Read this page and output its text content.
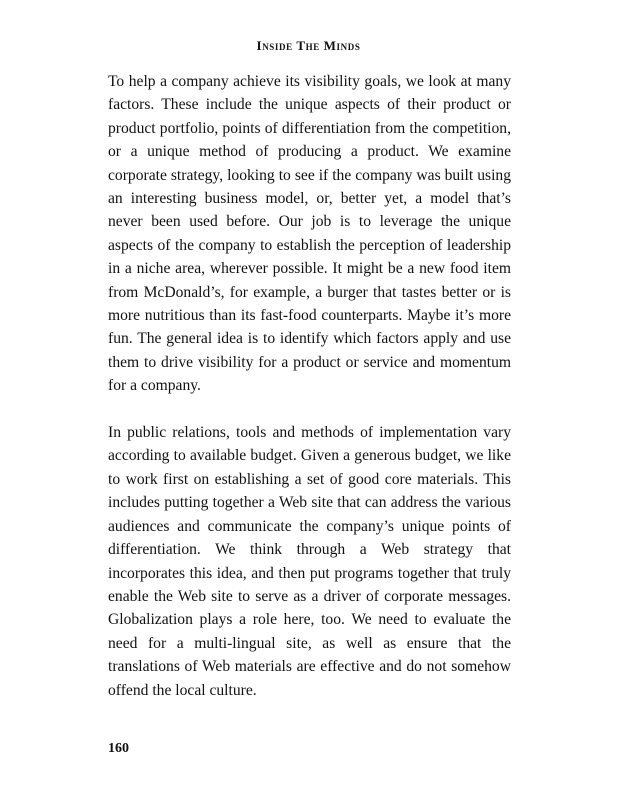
Inside The Minds

To help a company achieve its visibility goals, we look at many factors. These include the unique aspects of their product or product portfolio, points of differentiation from the competition, or a unique method of producing a product. We examine corporate strategy, looking to see if the company was built using an interesting business model, or, better yet, a model that’s never been used before. Our job is to leverage the unique aspects of the company to establish the perception of leadership in a niche area, wherever possible. It might be a new food item from McDonald’s, for example, a burger that tastes better or is more nutritious than its fast-food counterparts. Maybe it’s more fun. The general idea is to identify which factors apply and use them to drive visibility for a product or service and momentum for a company.

In public relations, tools and methods of implementation vary according to available budget. Given a generous budget, we like to work first on establishing a set of good core materials. This includes putting together a Web site that can address the various audiences and communicate the company’s unique points of differentiation. We think through a Web strategy that incorporates this idea, and then put programs together that truly enable the Web site to serve as a driver of corporate messages. Globalization plays a role here, too. We need to evaluate the need for a multi-lingual site, as well as ensure that the translations of Web materials are effective and do not somehow offend the local culture.

160
